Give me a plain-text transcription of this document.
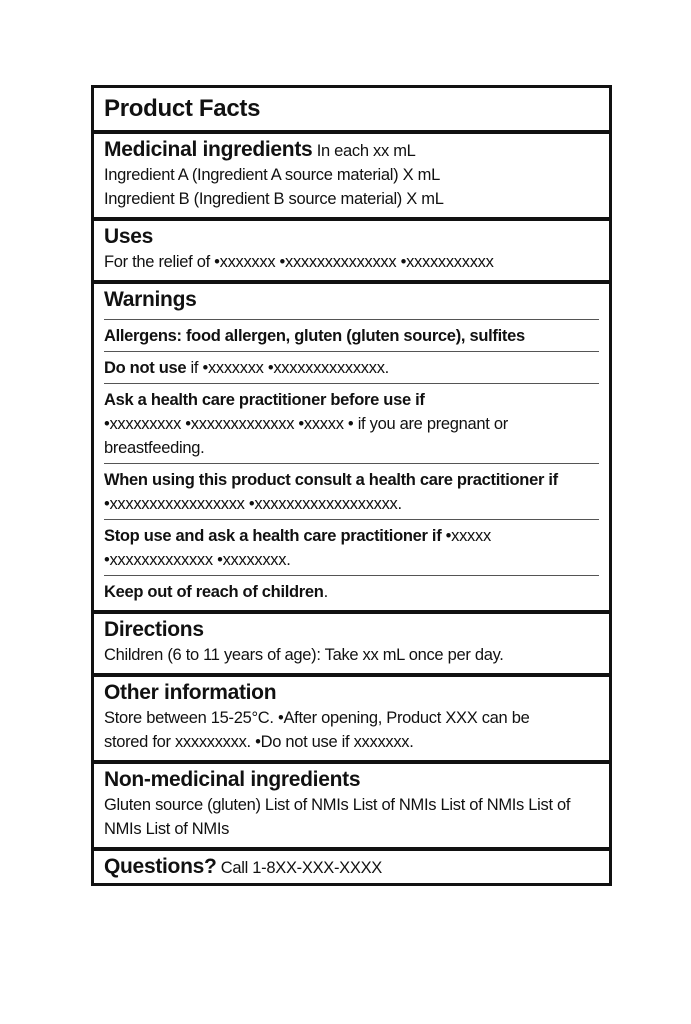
Product Facts
Medicinal ingredients In each xx mL
Ingredient A (Ingredient A source material) X mL
Ingredient B (Ingredient B source material) X mL
Uses
For the relief of •xxxxxxx •xxxxxxxxxxxxxx •xxxxxxxxxxx
Warnings
Allergens: food allergen, gluten (gluten source), sulfites
Do not use if •xxxxxxx •xxxxxxxxxxxxxx.
Ask a health care practitioner before use if
•xxxxxxxxx •xxxxxxxxxxxxx •xxxxx • if you are pregnant or breastfeeding.
When using this product consult a health care practitioner if •xxxxxxxxxxxxxxxxx •xxxxxxxxxxxxxxxxxx.
Stop use and ask a health care practitioner if •xxxxx •xxxxxxxxxxxxx •xxxxxxxx.
Keep out of reach of children.
Directions
Children (6 to 11 years of age): Take xx mL once per day.
Other information
Store between 15-25°C. •After opening, Product XXX can be stored for xxxxxxxxx. •Do not use if xxxxxxx.
Non-medicinal ingredients
Gluten source (gluten) List of NMIs List of NMIs List of NMIs List of NMIs List of NMIs
Questions? Call 1-8XX-XXX-XXXX
